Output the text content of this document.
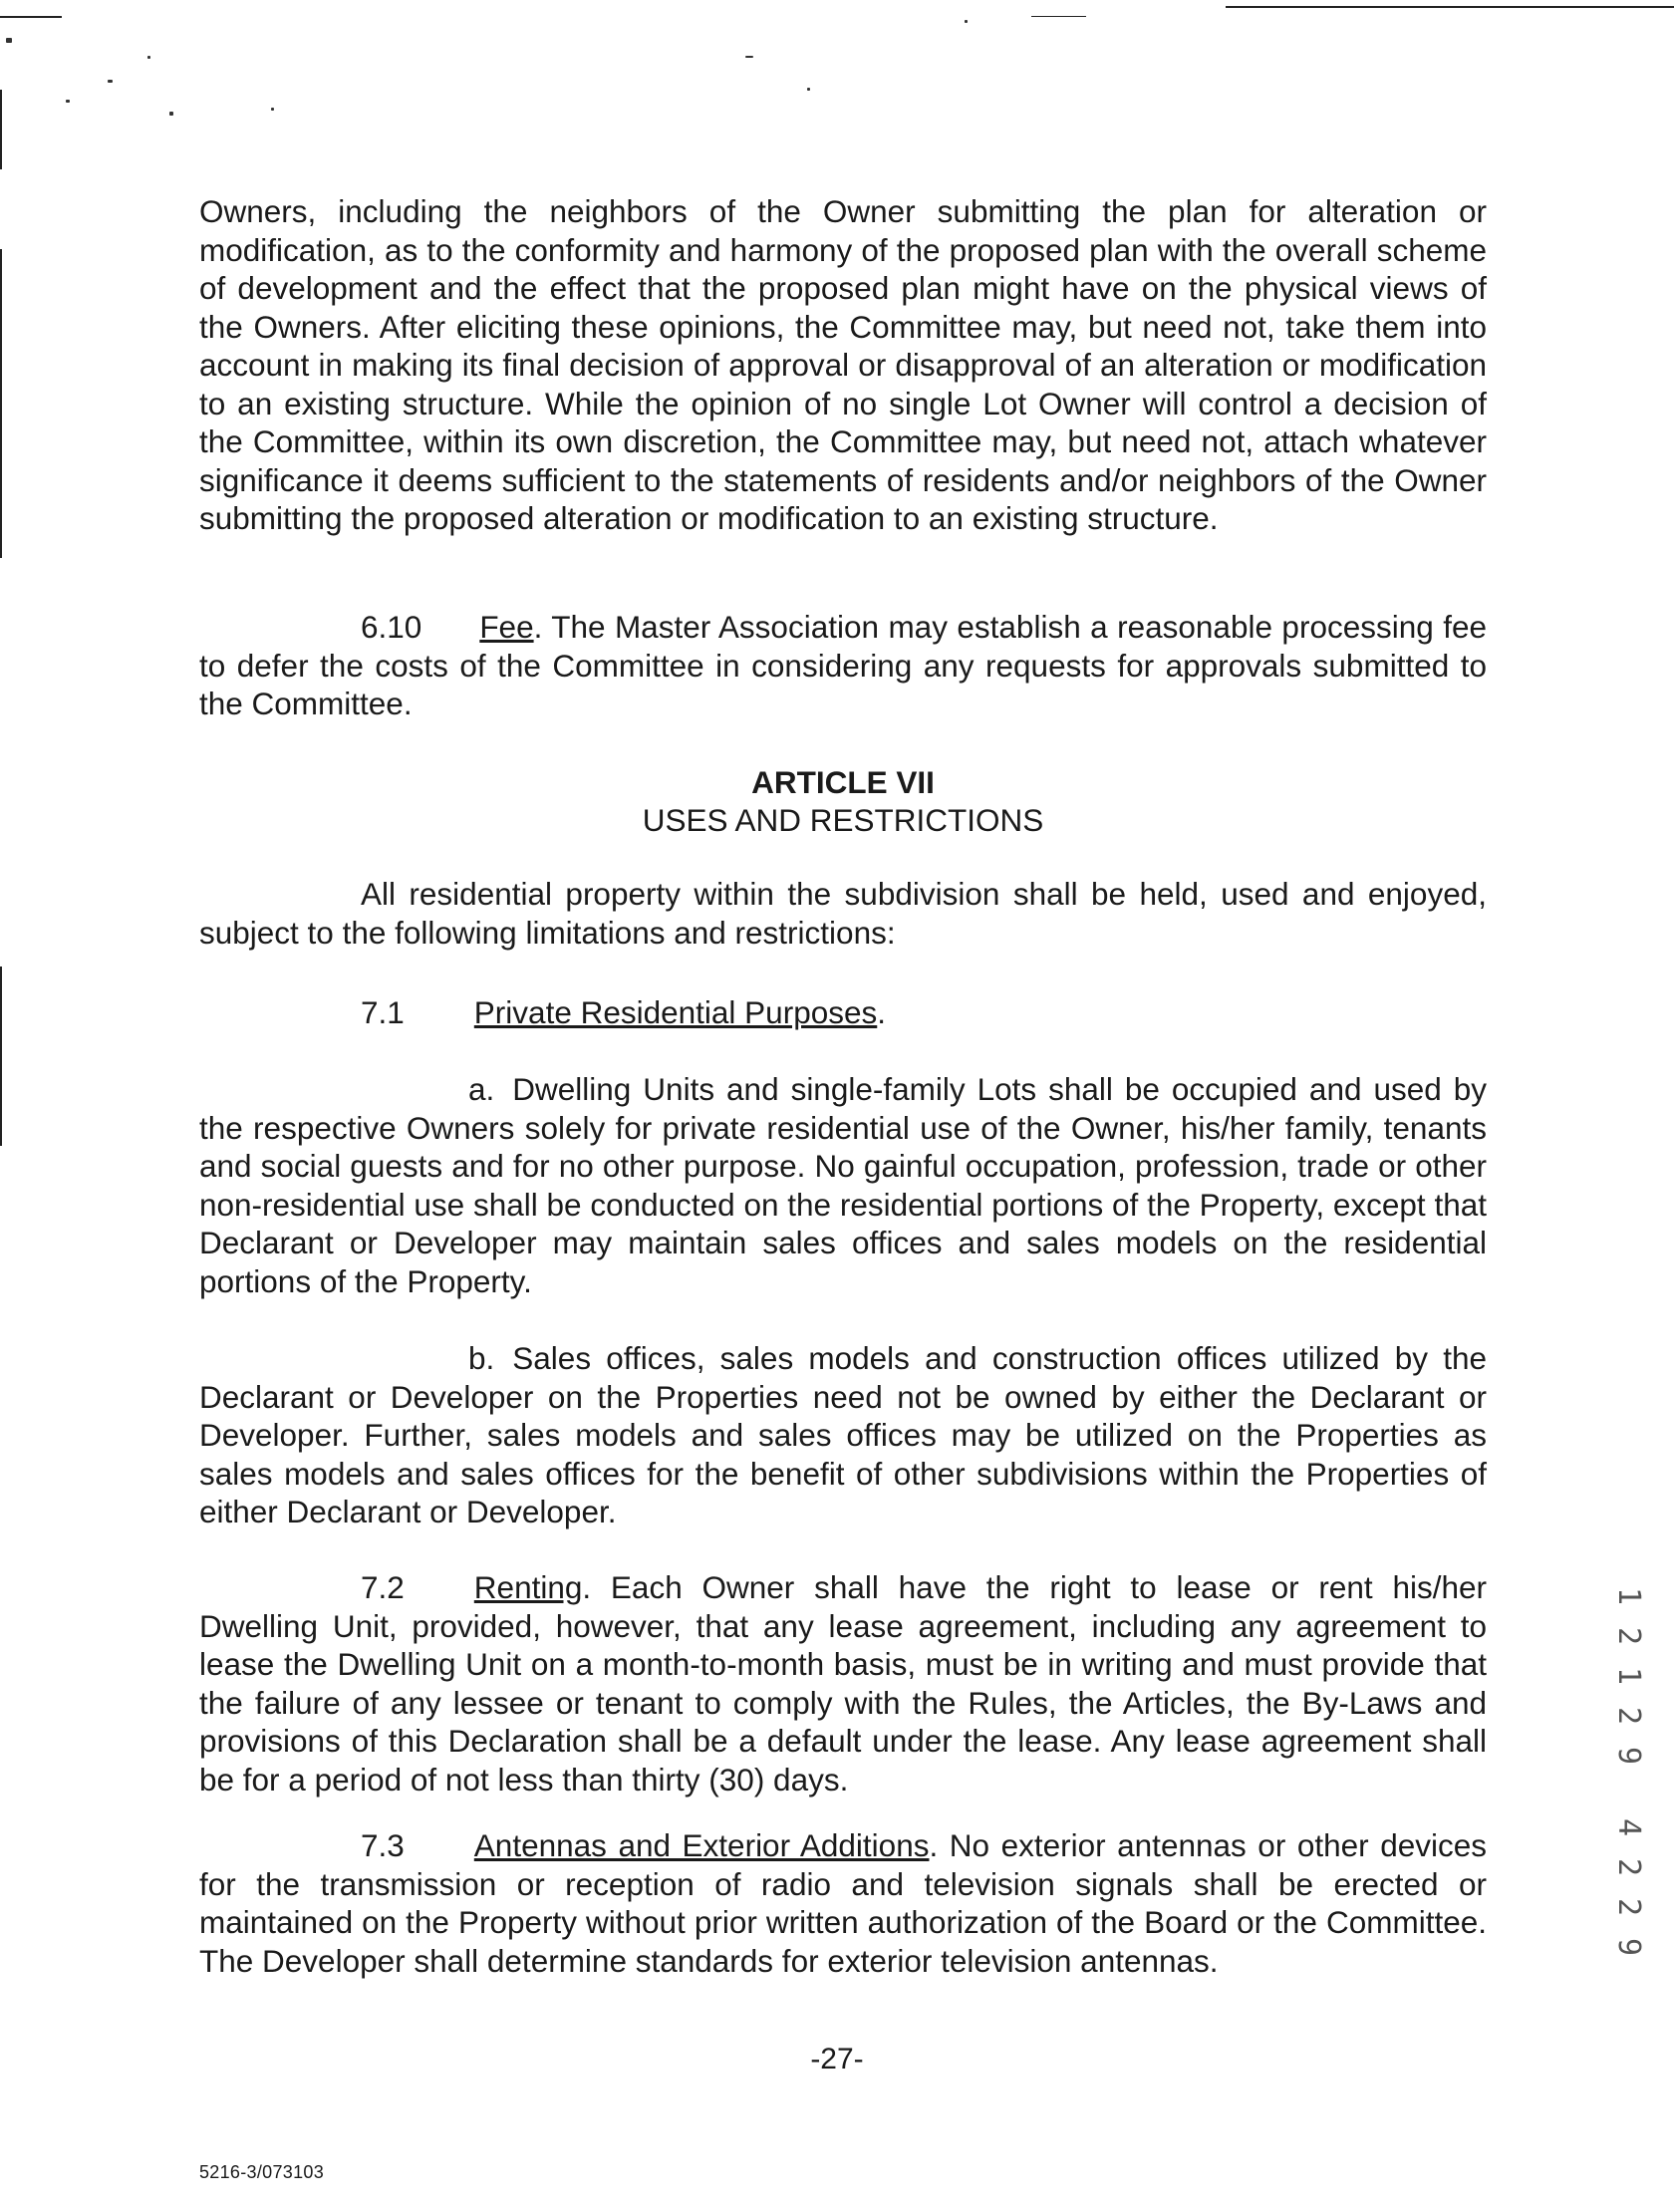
Owners, including the neighbors of the Owner submitting the plan for alteration or modification, as to the conformity and harmony of the proposed plan with the overall scheme of development and the effect that the proposed plan might have on the physical views of the Owners. After eliciting these opinions, the Committee may, but need not, take them into account in making its final decision of approval or disapproval of an alteration or modification to an existing structure. While the opinion of no single Lot Owner will control a decision of the Committee, within its own discretion, the Committee may, but need not, attach whatever significance it deems sufficient to the statements of residents and/or neighbors of the Owner submitting the proposed alteration or modification to an existing structure.

6.10 Fee. The Master Association may establish a reasonable processing fee to defer the costs of the Committee in considering any requests for approvals submitted to the Committee.

ARTICLE VII
USES AND RESTRICTIONS

All residential property within the subdivision shall be held, used and enjoyed, subject to the following limitations and restrictions:

7.1 Private Residential Purposes.

a. Dwelling Units and single-family Lots shall be occupied and used by the respective Owners solely for private residential use of the Owner, his/her family, tenants and social guests and for no other purpose. No gainful occupation, profession, trade or other non-residential use shall be conducted on the residential portions of the Property, except that Declarant or Developer may maintain sales offices and sales models on the residential portions of the Property.

b. Sales offices, sales models and construction offices utilized by the Declarant or Developer on the Properties need not be owned by either the Declarant or Developer. Further, sales models and sales offices may be utilized on the Properties as sales models and sales offices for the benefit of other subdivisions within the Properties of either Declarant or Developer.

7.2 Renting. Each Owner shall have the right to lease or rent his/her Dwelling Unit, provided, however, that any lease agreement, including any agreement to lease the Dwelling Unit on a month-to-month basis, must be in writing and must provide that the failure of any lessee or tenant to comply with the Rules, the Articles, the By-Laws and provisions of this Declaration shall be a default under the lease. Any lease agreement shall be for a period of not less than thirty (30) days.

7.3 Antennas and Exterior Additions. No exterior antennas or other devices for the transmission or reception of radio and television signals shall be erected or maintained on the Property without prior written authorization of the Board or the Committee. The Developer shall determine standards for exterior television antennas.

1
2
1
2
9
4
2
2
9
-27-
5216-3/073103
